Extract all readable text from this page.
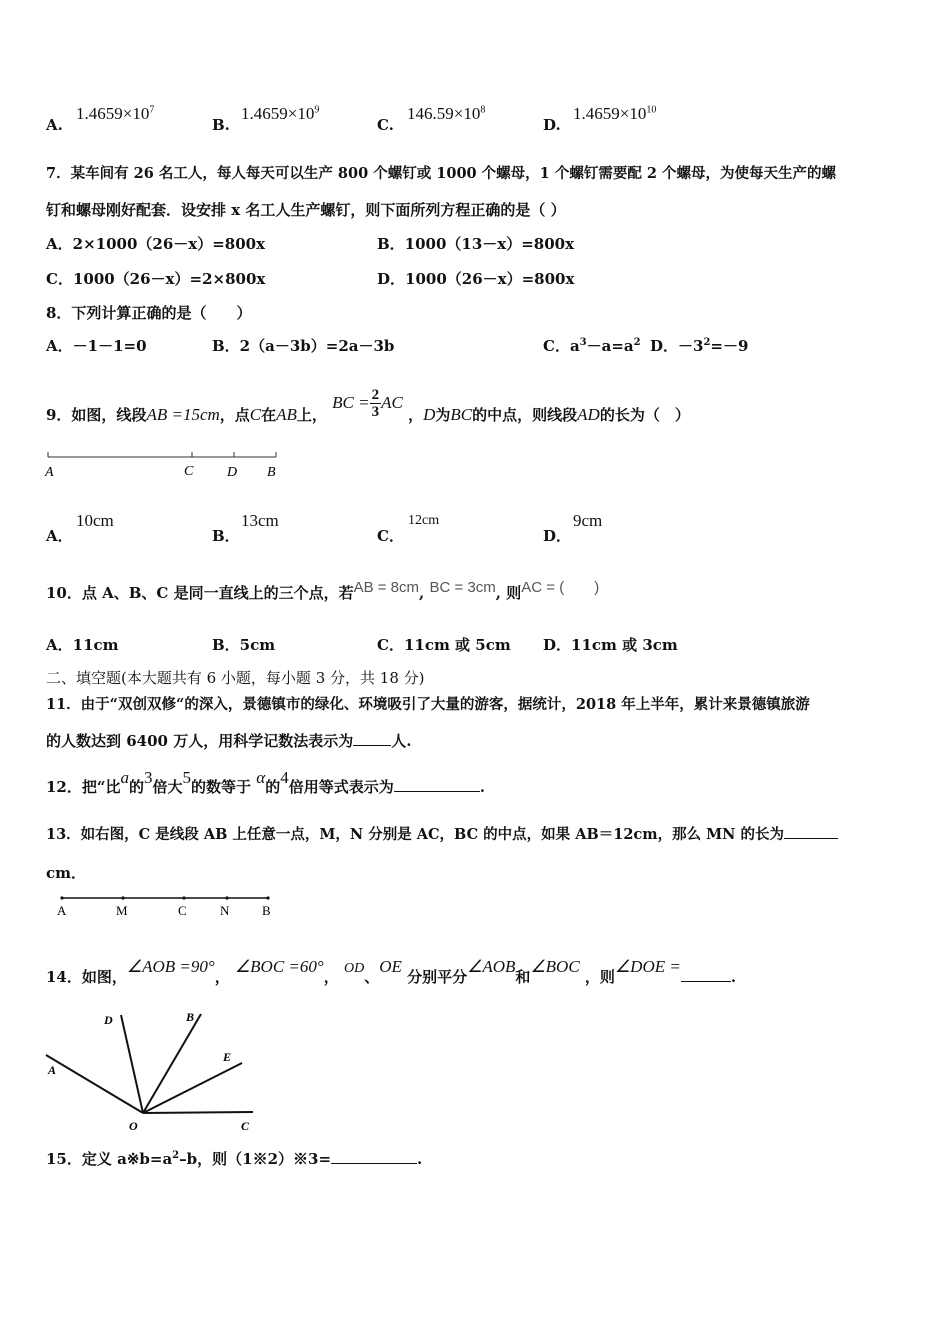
A.
$1.4659\times 10^7$
B.
$1.4659\times 10^9$
C.
$146.59\times 10^8$
D.
$1.4659\times 10^{10}$
7．某车间有 26 名工人，每人每天可以生产 800 个螺钉或 1000 个螺母，1 个螺钉需要配 2 个螺母，为使每天生产的螺
钉和螺母刚好配套．设安排 x 名工人生产螺钉，则下面所列方程正确的是（ ）
A．2×1000（26－x）=800x	B．1000（13－x）=800x
C．1000（26－x）=2×800x	D．1000（26－x）=800x
8．下列计算正确的是（　　）
A．－1－1=0	B．2（a－3b）=2a－3b	C．$a^3-a=a^2$ D．$-3^2=-9$
9．如图，线段AB =15cm，点C在AB上， BC = $\frac{2}{3}$ AC ，D为BC的中点，则线段AD的长为（　）
A	C D B
A．
10cm
B．
13cm
C．
12cm
D．
9cm
10．点 A、B、C 是同一直线上的三个点，若AB = 8cm, BC = 3cm, 则AC = (　　)
A．11cm	B．5cm	C．11cm 或 5cm D．11cm 或 3cm
二、填空题(本大题共有 6 小题，每小题 3 分，共 18 分)
11．由于“双创双修“的深入，景德镇市的绿化、环境吸引了大量的游客，据统计，2018 年上半年，累计来景德镇旅游
的人数达到 6400 万人，用科学记数法表示为	人.
12．把“比a的3倍大5的数等于 α的4倍用等式表示为	.
13．如右图，C 是线段 AB 上任意一点，M，N 分别是 AC，BC 的中点，如果 AB＝12cm，那么 MN 的长为
cm．
A	M	C	N	B
14．如图，∠AOB =90°， ∠BOC =60°， OD、OE 分别平分∠AOB和∠BOC ，则∠DOE =.
A
D	B
E
O	C
15．定义 $a※b=a^2-b$，则（1※2）※3=	.
